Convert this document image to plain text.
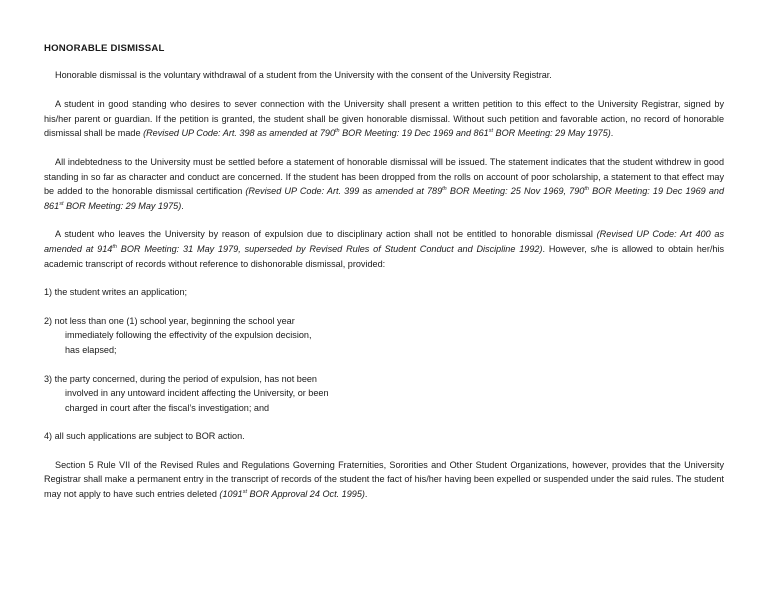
HONORABLE DISMISSAL

Honorable dismissal is the voluntary withdrawal of a student from the University with the consent of the University Registrar.

A student in good standing who desires to sever connection with the University shall present a written petition to this effect to the University Registrar, signed by his/her parent or guardian. If the petition is granted, the student shall be given honorable dismissal. Without such petition and favorable action, no record of honorable dismissal shall be made (Revised UP Code: Art. 398 as amended at 790th BOR Meeting: 19 Dec 1969 and 861st BOR Meeting: 29 May 1975).

All indebtedness to the University must be settled before a statement of honorable dismissal will be issued. The statement indicates that the student withdrew in good standing in so far as character and conduct are concerned. If the student has been dropped from the rolls on account of poor scholarship, a statement to that effect may be added to the honorable dismissal certification (Revised UP Code: Art. 399 as amended at 789th BOR Meeting: 25 Nov 1969, 790th BOR Meeting: 19 Dec 1969 and 861st BOR Meeting: 29 May 1975).

A student who leaves the University by reason of expulsion due to disciplinary action shall not be entitled to honorable dismissal (Revised UP Code: Art 400 as amended at 914th BOR Meeting: 31 May 1979, superseded by Revised Rules of Student Conduct and Discipline 1992). However, s/he is allowed to obtain her/his academic transcript of records without reference to dishonorable dismissal, provided:

1) the student writes an application;
2) not less than one (1) school year, beginning the school year
immediately following the effectivity of the expulsion decision,
has elapsed;
3) the party concerned, during the period of expulsion, has not been
involved in any untoward incident affecting the University, or been
charged in court after the fiscal’s investigation; and
4) all such applications are subject to BOR action.

Section 5 Rule VII of the Revised Rules and Regulations Governing Fraternities, Sororities and Other Student Organizations, however, provides that the University Registrar shall make a permanent entry in the transcript of records of the student the fact of his/her having been expelled or suspended under the said rules. The student may not apply to have such entries deleted (1091st BOR Approval 24 Oct. 1995).
